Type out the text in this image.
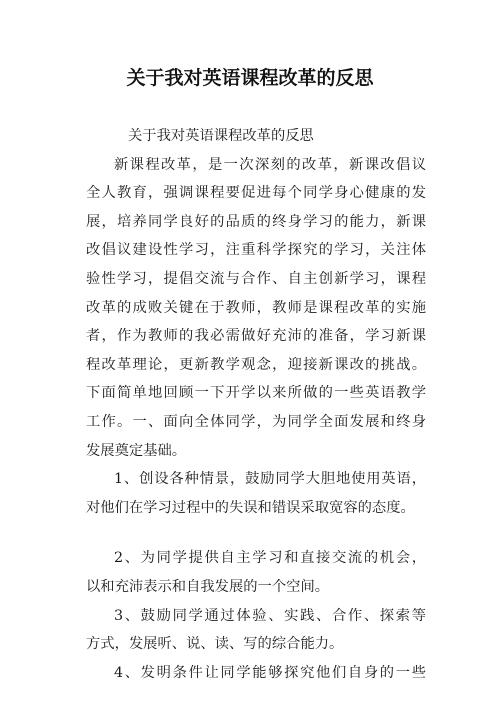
关于我对英语课程改革的反思
关于我对英语课程改革的反思
新课程改革，是一次深刻的改革，新课改倡议
全人教育，强调课程要促进每个同学身心健康的发
展，培养同学良好的品质的终身学习的能力，新课
改倡议建设性学习，注重科学探究的学习，关注体
验性学习，提倡交流与合作、自主创新学习，课程
改革的成败关键在于教师，教师是课程改革的实施
者，作为教师的我必需做好充沛的准备，学习新课
程改革理论，更新教学观念，迎接新课改的挑战。
下面简单地回顾一下开学以来所做的一些英语教学
工作。一、面向全体同学，为同学全面发展和终身
发展奠定基础。
1、创设各种情景，鼓励同学大胆地使用英语，
对他们在学习过程中的失误和错误采取宽容的态度。
2、为同学提供自主学习和直接交流的机会，
以和充沛表示和自我发展的一个空间。
3、鼓励同学通过体验、实践、合作、探索等
方式，发展听、说、读、写的综合能力。
4、发明条件让同学能够探究他们自身的一些
